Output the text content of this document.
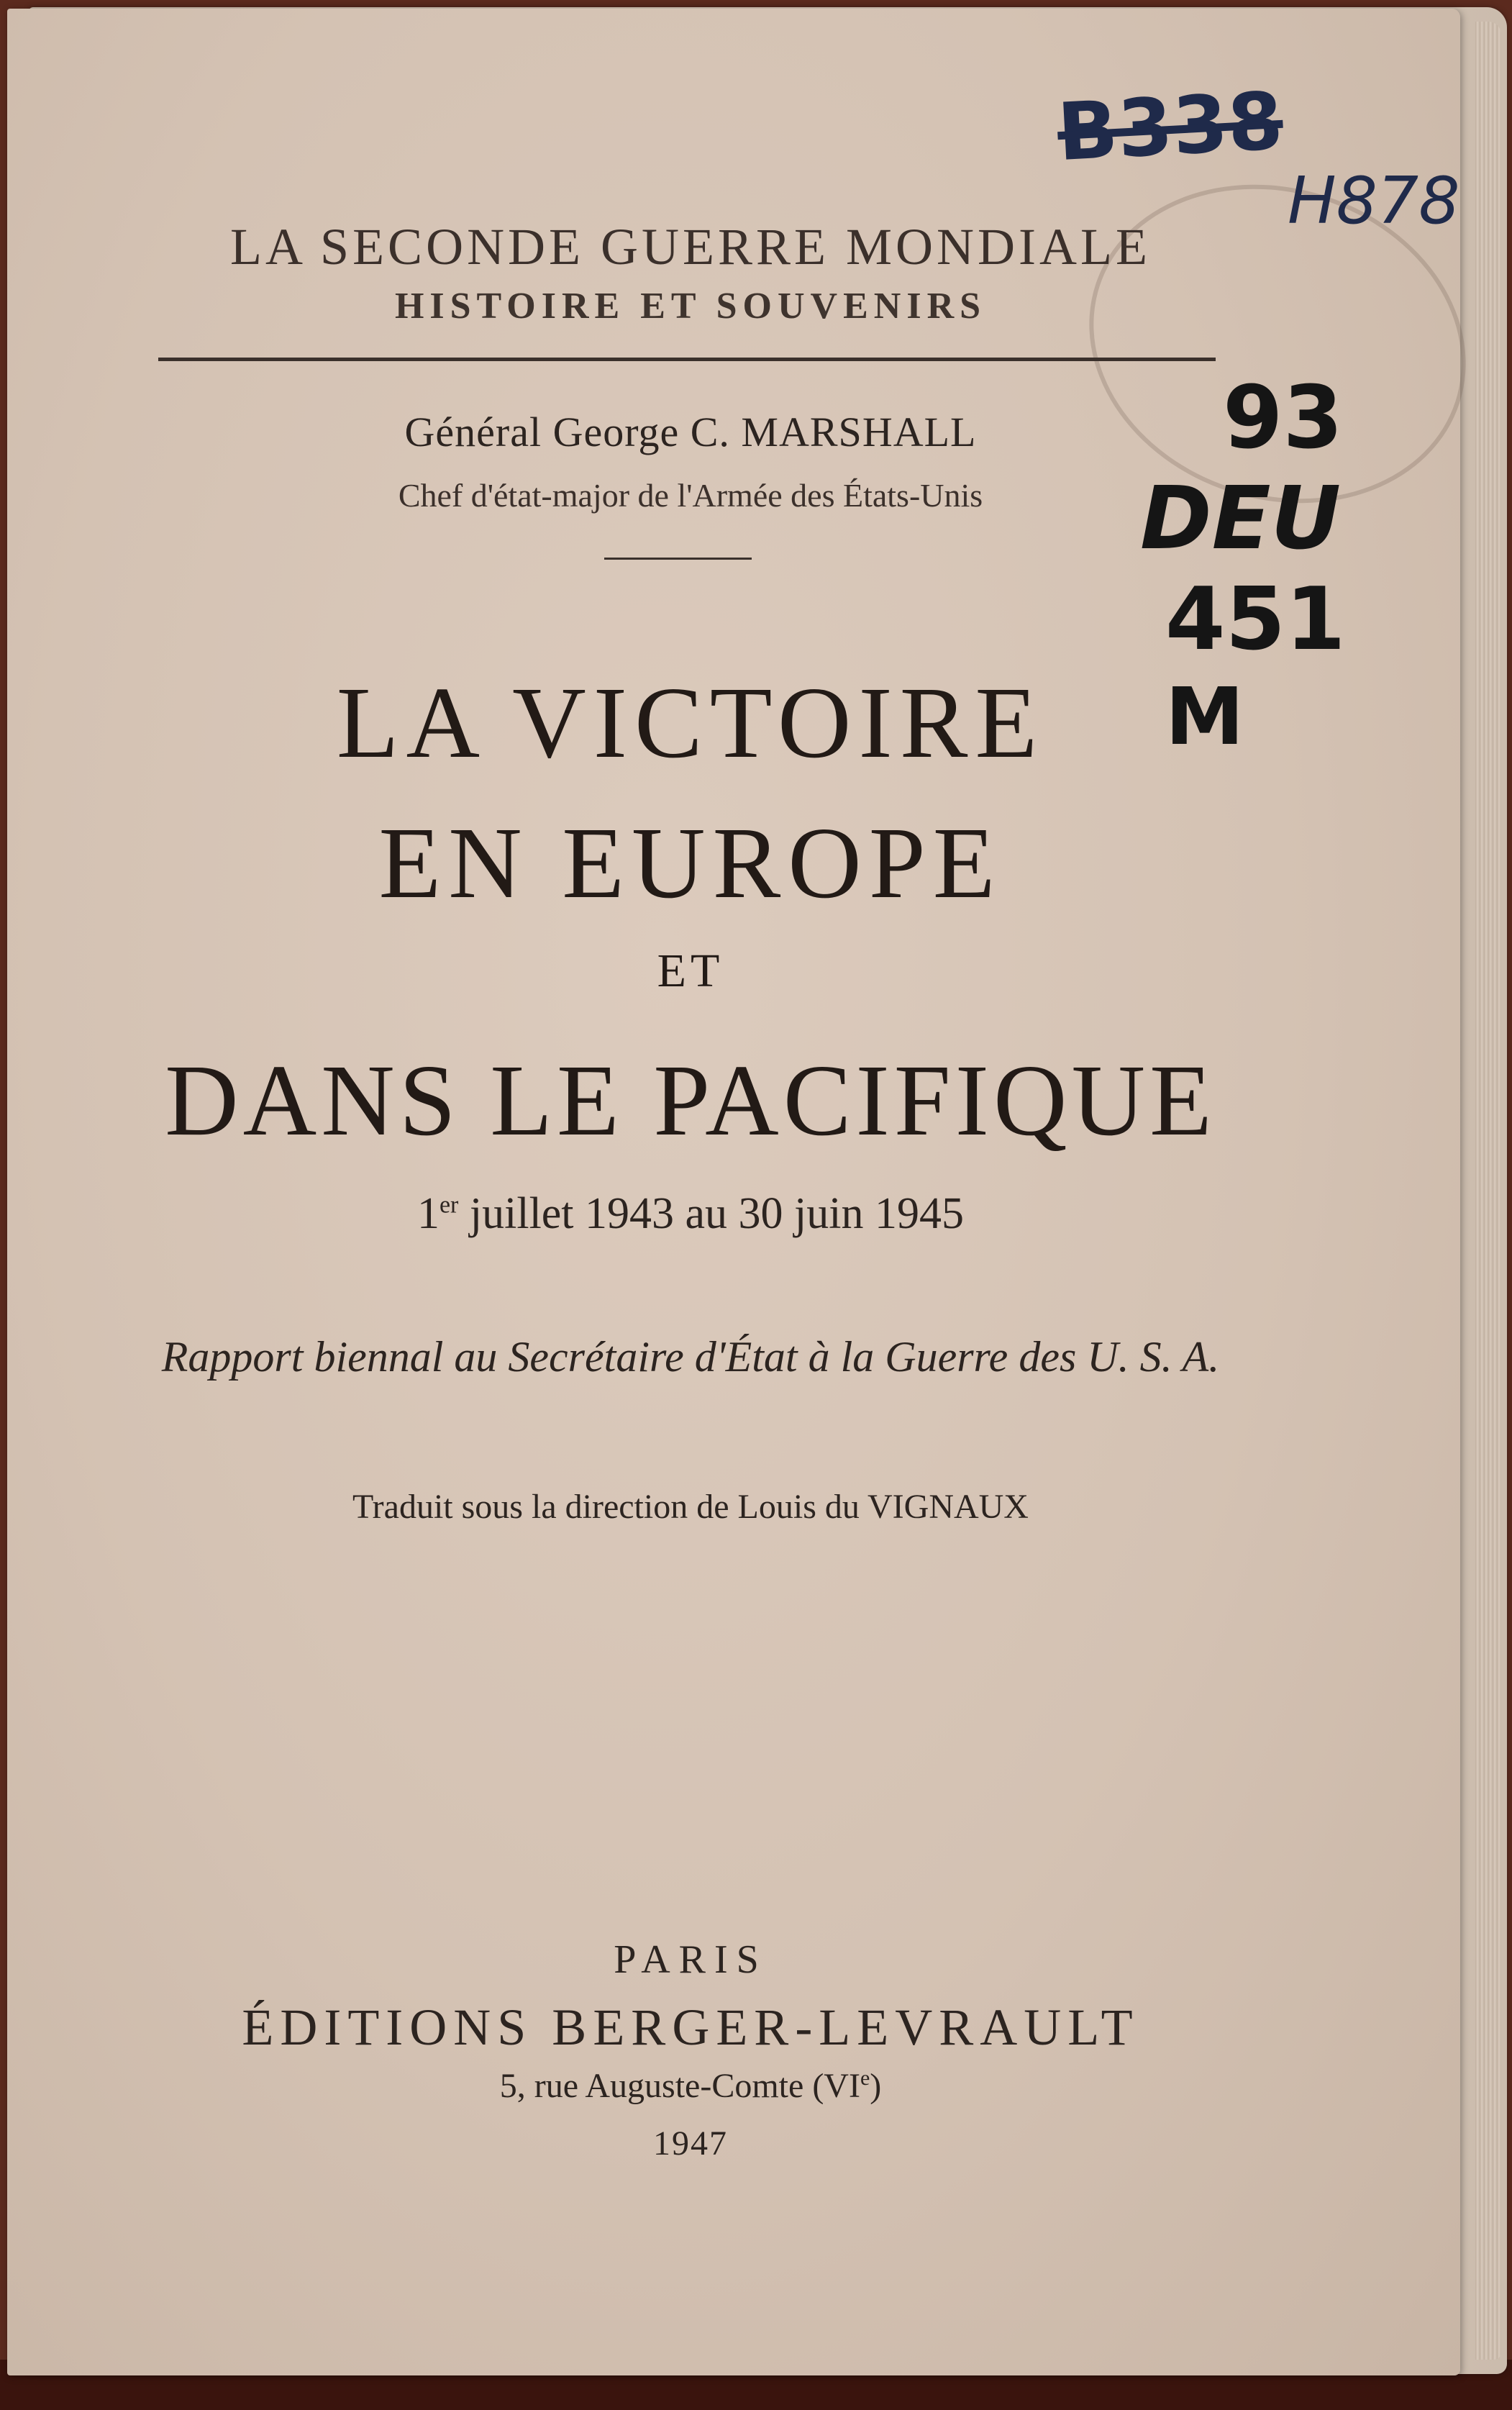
LA SECONDE GUERRE MONDIALE
HISTOIRE ET SOUVENIRS
Général George C. MARSHALL
Chef d'état-major de l'Armée des États-Unis
LA VICTOIRE
EN EUROPE
ET
DANS LE PACIFIQUE
1er juillet 1943 au 30 juin 1945
Rapport biennal au Secrétaire d'État à la Guerre des U. S. A.
Traduit sous la direction de Louis du VIGNAUX
PARIS
ÉDITIONS BERGER-LEVRAULT
5, rue Auguste-Comte (VIe)
1947
B338
H878
93
DEU
451
M
